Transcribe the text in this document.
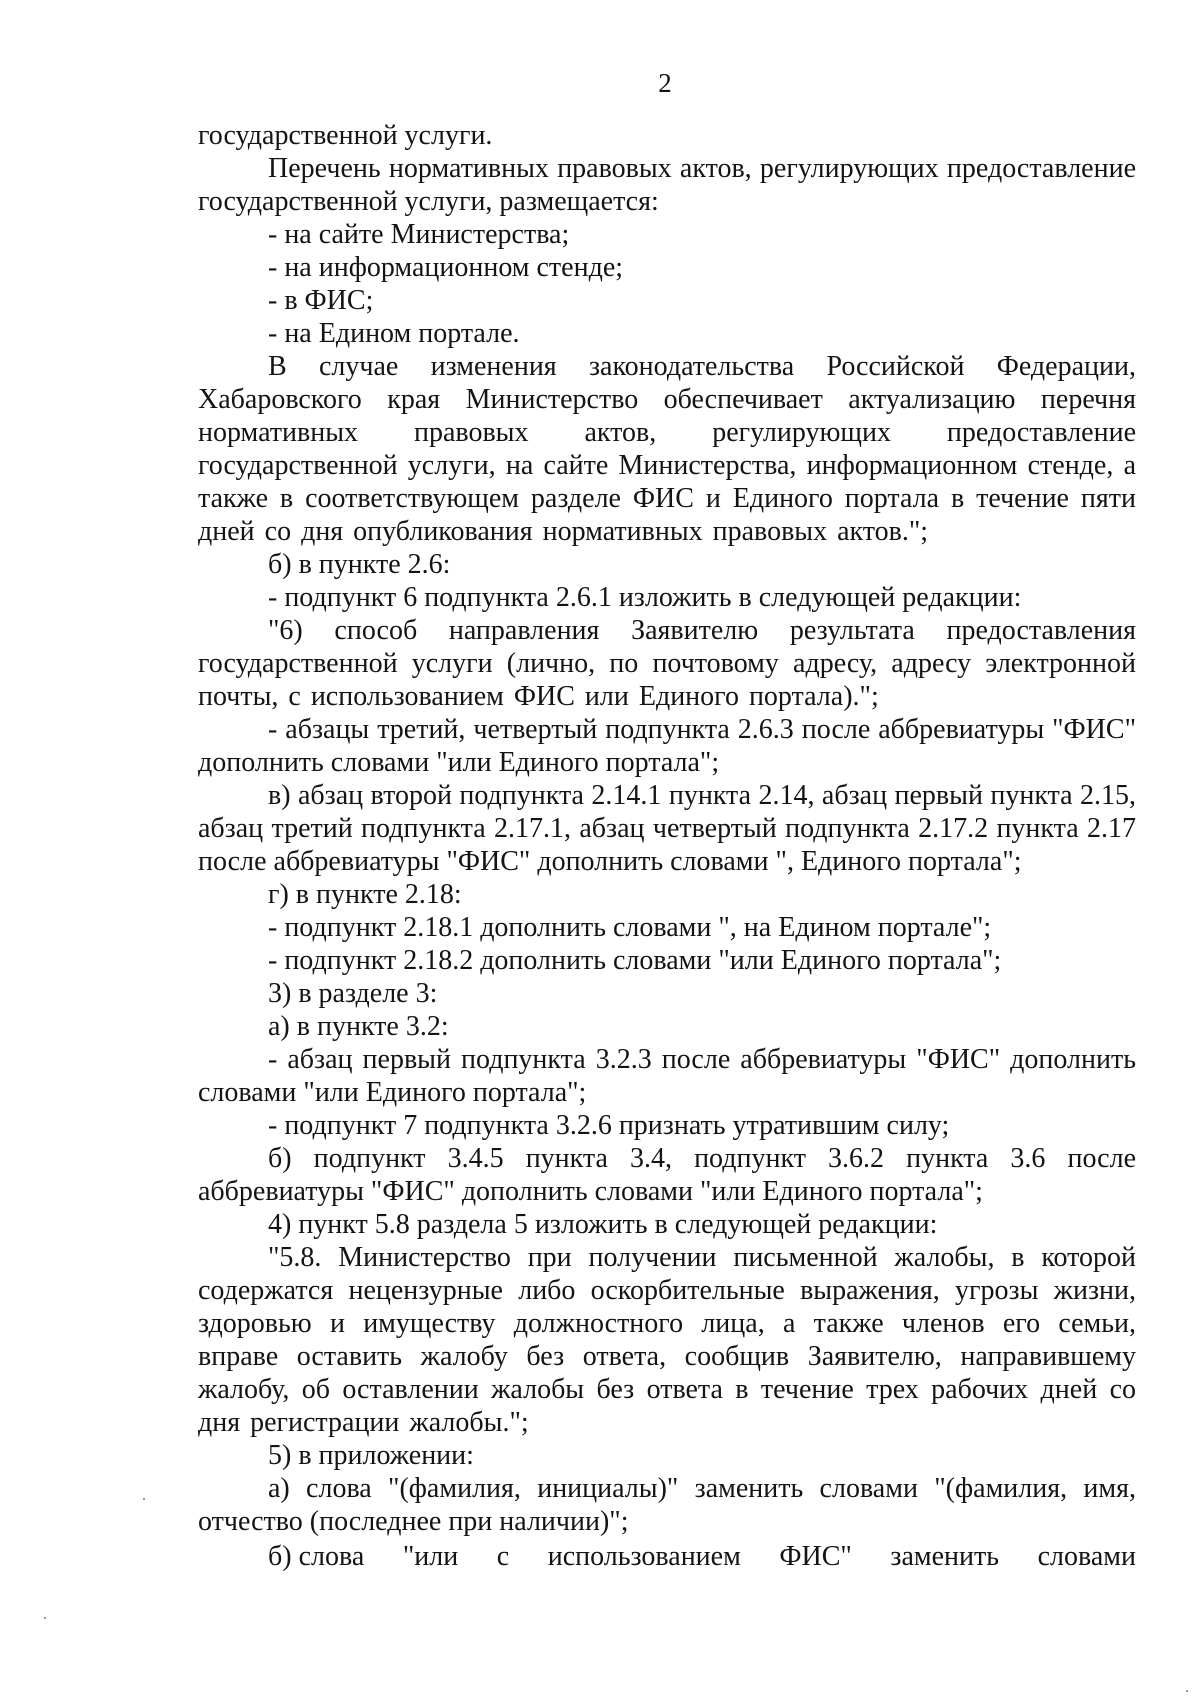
2

государственной услуги.

Перечень нормативных правовых актов, регулирующих предоставление государственной услуги, размещается:

- на сайте Министерства;

- на информационном стенде;

- в ФИС;

- на Едином портале.

В случае изменения законодательства Российской Федерации, Хабаровского края Министерство обеспечивает актуализацию перечня нормативных правовых актов, регулирующих предоставление государственной услуги, на сайте Министерства, информационном стенде, а также в соответствующем разделе ФИС и Единого портала в течение пяти дней со дня опубликования нормативных правовых актов.";

б) в пункте 2.6:

- подпункт 6 подпункта 2.6.1 изложить в следующей редакции:

"6) способ направления Заявителю результата предоставления государственной услуги (лично, по почтовому адресу, адресу электронной почты, с использованием ФИС или Единого портала).";

- абзацы третий, четвертый подпункта 2.6.3 после аббревиатуры "ФИС" дополнить словами "или Единого портала";

в) абзац второй подпункта 2.14.1 пункта 2.14, абзац первый пункта 2.15, абзац третий подпункта 2.17.1, абзац четвертый подпункта 2.17.2 пункта 2.17 после аббревиатуры "ФИС" дополнить словами ", Единого портала";

г) в пункте 2.18:

- подпункт 2.18.1 дополнить словами ", на Едином портале";

- подпункт 2.18.2 дополнить словами "или Единого портала";

3) в разделе 3:

а) в пункте 3.2:

- абзац первый подпункта 3.2.3 после аббревиатуры "ФИС" дополнить словами "или Единого портала";

- подпункт 7 подпункта 3.2.6 признать утратившим силу;

б) подпункт 3.4.5 пункта 3.4, подпункт 3.6.2 пункта 3.6 после аббревиатуры "ФИС" дополнить словами "или Единого портала";

4) пункт 5.8 раздела 5 изложить в следующей редакции:

"5.8. Министерство при получении письменной жалобы, в которой содержатся нецензурные либо оскорбительные выражения, угрозы жизни, здоровью и имуществу должностного лица, а также членов его семьи, вправе оставить жалобу без ответа, сообщив Заявителю, направившему жалобу, об оставлении жалобы без ответа в течение трех рабочих дней со дня регистрации жалобы.";

5) в приложении:

а) слова "(фамилия, инициалы)" заменить словами "(фамилия, имя, отчество (последнее при наличии)";

б) слова "или с использованием ФИС" заменить словами
